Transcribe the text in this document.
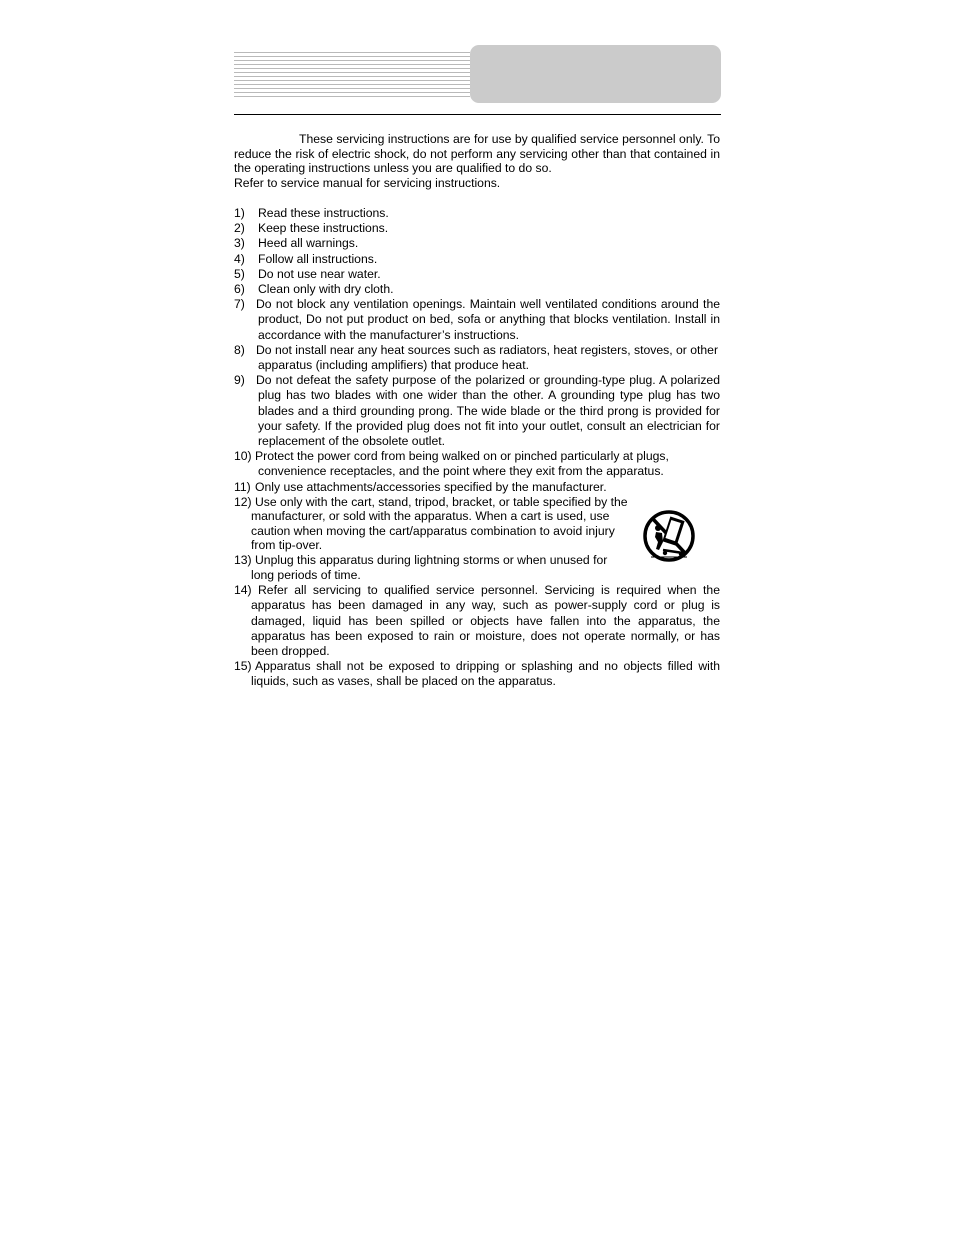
These servicing instructions are for use by qualified service personnel only. To reduce the risk of electric shock, do not perform any servicing other than that contained in the operating instructions unless you are qualified to do so.

Refer to service manual for servicing instructions.

1) Read these instructions.
2) Keep these instructions.
3) Heed all warnings.
4) Follow all instructions.
5) Do not use near water.
6) Clean only with dry cloth.
7) Do not block any ventilation openings. Maintain well ventilated conditions around the product, Do not put product on bed, sofa or anything that blocks ventilation. Install in accordance with the manufacturer’s instructions.
8) Do not install near any heat sources such as radiators, heat registers, stoves, or other apparatus (including amplifiers) that produce heat.
9) Do not defeat the safety purpose of the polarized or grounding-type plug. A polarized plug has two blades with one wider than the other. A grounding type plug has two blades and a third grounding prong. The wide blade or the third prong is provided for your safety. If the provided plug does not fit into your outlet, consult an electrician for replacement of the obsolete outlet.
10) Protect the power cord from being walked on or pinched particularly at plugs, convenience receptacles, and the point where they exit from the apparatus.
11) Only use attachments/accessories specified by the manufacturer.
12) Use only with the cart, stand, tripod, bracket, or table specified by the manufacturer, or sold with the apparatus. When a cart is used, use caution when moving the cart/apparatus combination to avoid injury from tip-over.
13) Unplug this apparatus during lightning storms or when unused for long periods of time.
14) Refer all servicing to qualified service personnel. Servicing is required when the apparatus has been damaged in any way, such as power-supply cord or plug is damaged, liquid has been spilled or objects have fallen into the apparatus, the apparatus has been exposed to rain or moisture, does not operate normally, or has been dropped.
15) Apparatus shall not be exposed to dripping or splashing and no objects filled with liquids, such as vases, shall be placed on the apparatus.
